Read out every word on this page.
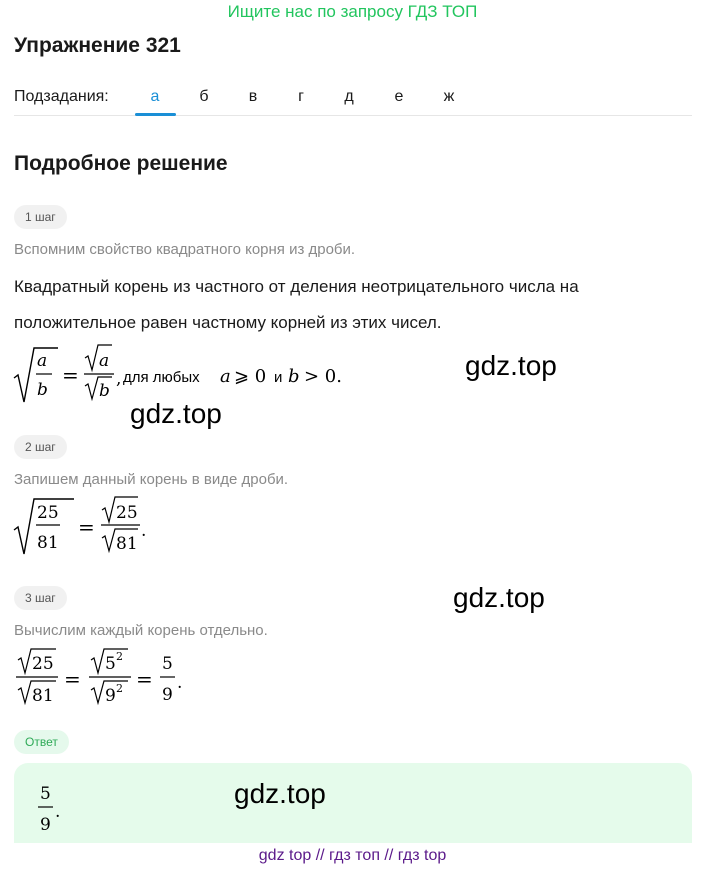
Ищите нас по запросу ГДЗ ТОП
Упражнение 321
Подзадания:	а	б	в	г	д	е	ж
Подробное решение
1 шаг
Вспомним свойство квадратного корня из дроби.
Квадратный корень из частного от деления неотрицательного числа на
положительное равен частному корней из этих чисел.
a
b
=
a
b
, для любых a ⩾ 0 и b > 0.	gdz.top
gdz.top
2 шаг
Запишем данный корень в виде дроби.
25
81
=
25
81
.
gdz.top
3 шаг
Вычислим каждый корень отдельно.
25
81
=
5 2
9 2 =
5
9
.
Ответ
5
9
.
gdz.top
gdz top // гдз топ // гдз top
